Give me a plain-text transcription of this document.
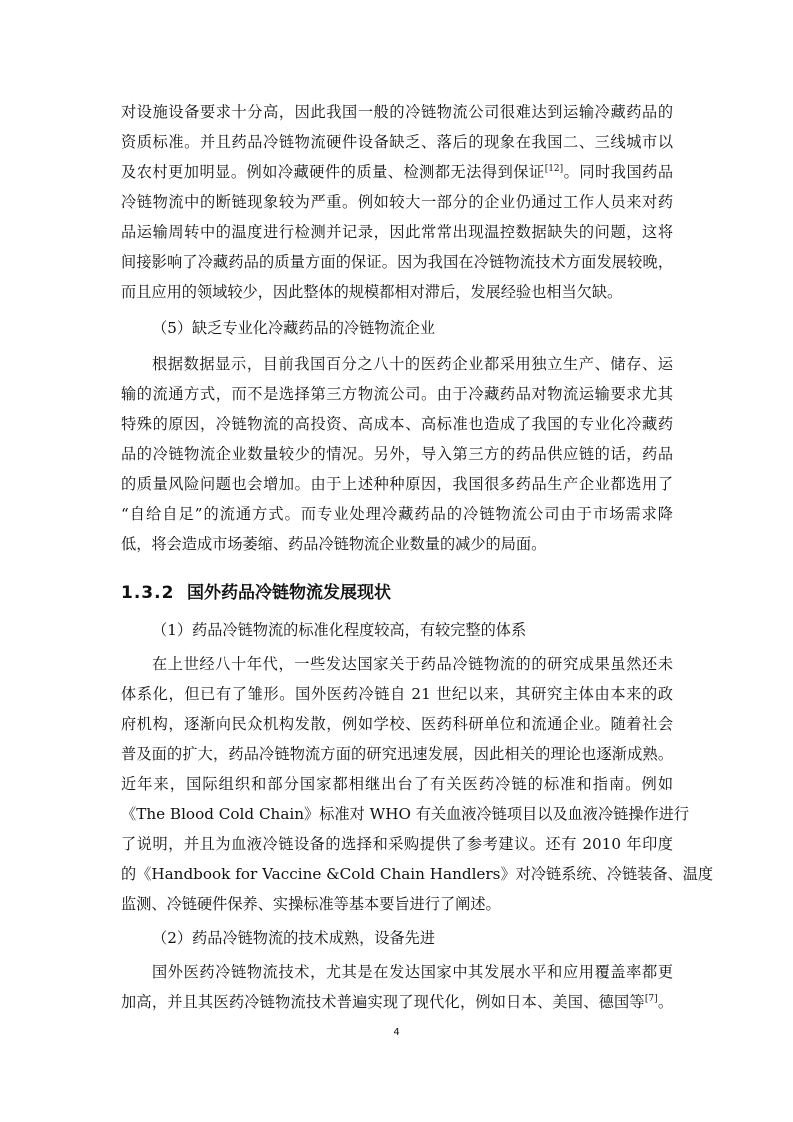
对设施设备要求十分高，因此我国一般的冷链物流公司很难达到运输冷藏药品的
资质标准。并且药品冷链物流硬件设备缺乏、落后的现象在我国二、三线城市以
及农村更加明显。例如冷藏硬件的质量、检测都无法得到保证[12]。同时我国药品
冷链物流中的断链现象较为严重。例如较大一部分的企业仍通过工作人员来对药
品运输周转中的温度进行检测并记录，因此常常出现温控数据缺失的问题，这将
间接影响了冷藏药品的质量方面的保证。因为我国在冷链物流技术方面发展较晚，
而且应用的领域较少，因此整体的规模都相对滞后，发展经验也相当欠缺。
（5）缺乏专业化冷藏药品的冷链物流企业
根据数据显示，目前我国百分之八十的医药企业都采用独立生产、储存、运
输的流通方式，而不是选择第三方物流公司。由于冷藏药品对物流运输要求尤其
特殊的原因，冷链物流的高投资、高成本、高标准也造成了我国的专业化冷藏药
品的冷链物流企业数量较少的情况。另外，导入第三方的药品供应链的话，药品
的质量风险问题也会增加。由于上述种种原因，我国很多药品生产企业都选用了
“自给自足”的流通方式。而专业处理冷藏药品的冷链物流公司由于市场需求降
低，将会造成市场萎缩、药品冷链物流企业数量的减少的局面。
1.3.2 国外药品冷链物流发展现状
（1）药品冷链物流的标准化程度较高，有较完整的体系
在上世经八十年代，一些发达国家关于药品冷链物流的的研究成果虽然还未
体系化，但已有了雏形。国外医药冷链自 21 世纪以来，其研究主体由本来的政
府机构，逐渐向民众机构发散，例如学校、医药科研单位和流通企业。随着社会
普及面的扩大，药品冷链物流方面的研究迅速发展，因此相关的理论也逐渐成熟。
近年来，国际组织和部分国家都相继出台了有关医药冷链的标准和指南。例如
《The Blood Cold Chain》标准对 WHO 有关血液冷链项目以及血液冷链操作进行
了说明，并且为血液冷链设备的选择和采购提供了参考建议。还有 2010 年印度
的《Handbook for Vaccine &Cold Chain Handlers》对冷链系统、冷链装备、温度
监测、冷链硬件保养、实操标准等基本要旨进行了阐述。
（2）药品冷链物流的技术成熟，设备先进
国外医药冷链物流技术，尤其是在发达国家中其发展水平和应用覆盖率都更
加高，并且其医药冷链物流技术普遍实现了现代化，例如日本、美国、德国等[7]。
4
